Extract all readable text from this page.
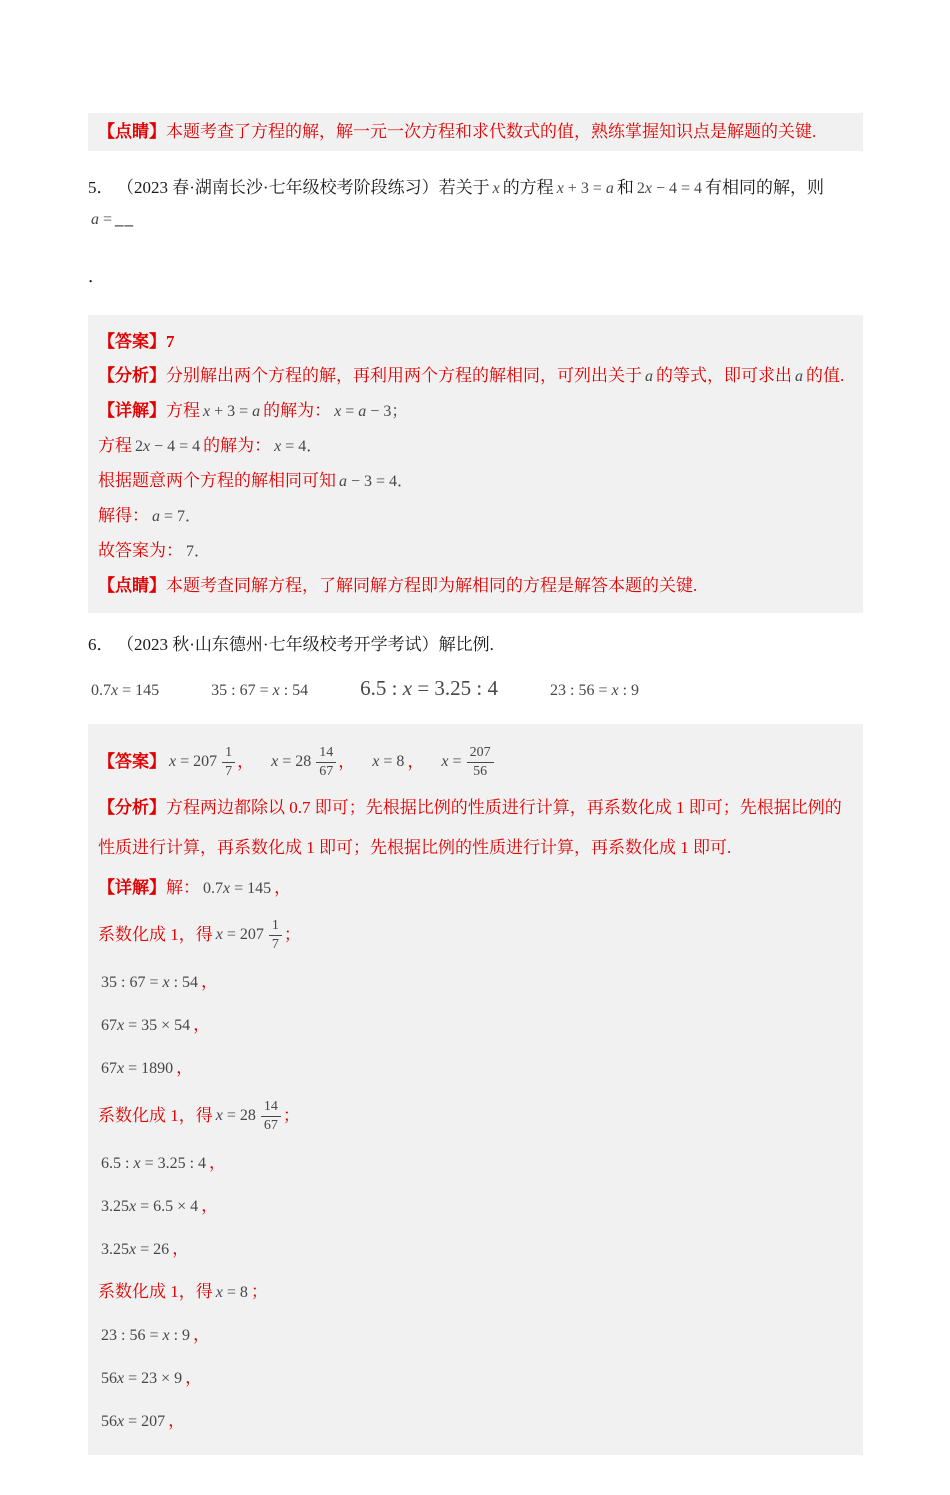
【点睛】本题考查了方程的解，解一元一次方程和求代数式的值，熟练掌握知识点是解题的关键.

5． （2023 春·湖南长沙·七年级校考阶段练习）若关于 x 的方程 x + 3 = a 和 2x − 4 = 4 有相同的解，则a = __

．

【答案】7

【分析】分别解出两个方程的解，再利用两个方程的解相同，可列出关于 a 的等式，即可求出 a 的值.

【详解】方程 x + 3 = a 的解为： x = a − 3；

方程 2x − 4 = 4 的解为： x = 4．

根据题意两个方程的解相同可知 a − 3 = 4．

解得： a = 7．

故答案为： 7．

【点睛】本题考查同解方程，了解同解方程即为解相同的方程是解答本题的关键.

6． （2023 秋·山东德州·七年级校考开学考试）解比例.

0.7x = 145	35 : 67 = x : 54 6.5 : x = 3.25 : 4	23 : 56 = x : 9

【答案】 $x = 207 \frac{1}{7}$ ， $x = 28 \frac{14}{67}$ ， x = 8 ， $x = \frac{207}{56}$

【分析】方程两边都除以 0.7 即可；先根据比例的性质进行计算，再系数化成 1 即可；先根据比例的性质进行计算，再系数化成 1 即可；先根据比例的性质进行计算，再系数化成 1 即可.

【详解】解： 0.7x = 145 ，

系数化成 1，得 $x = 207 \frac{1}{7}$ ；

35 : 67 = x : 54 ，

67x = 35 × 54 ，

67x = 1890 ，

系数化成 1，得 $x = 28 \frac{14}{67}$ ；

6.5 : x = 3.25 : 4 ，

3.25x = 6.5 × 4 ，

3.25x = 26 ，

系数化成 1，得 x = 8 ；

23 : 56 = x : 9 ，

56x = 23 × 9 ，

56x = 207 ，
